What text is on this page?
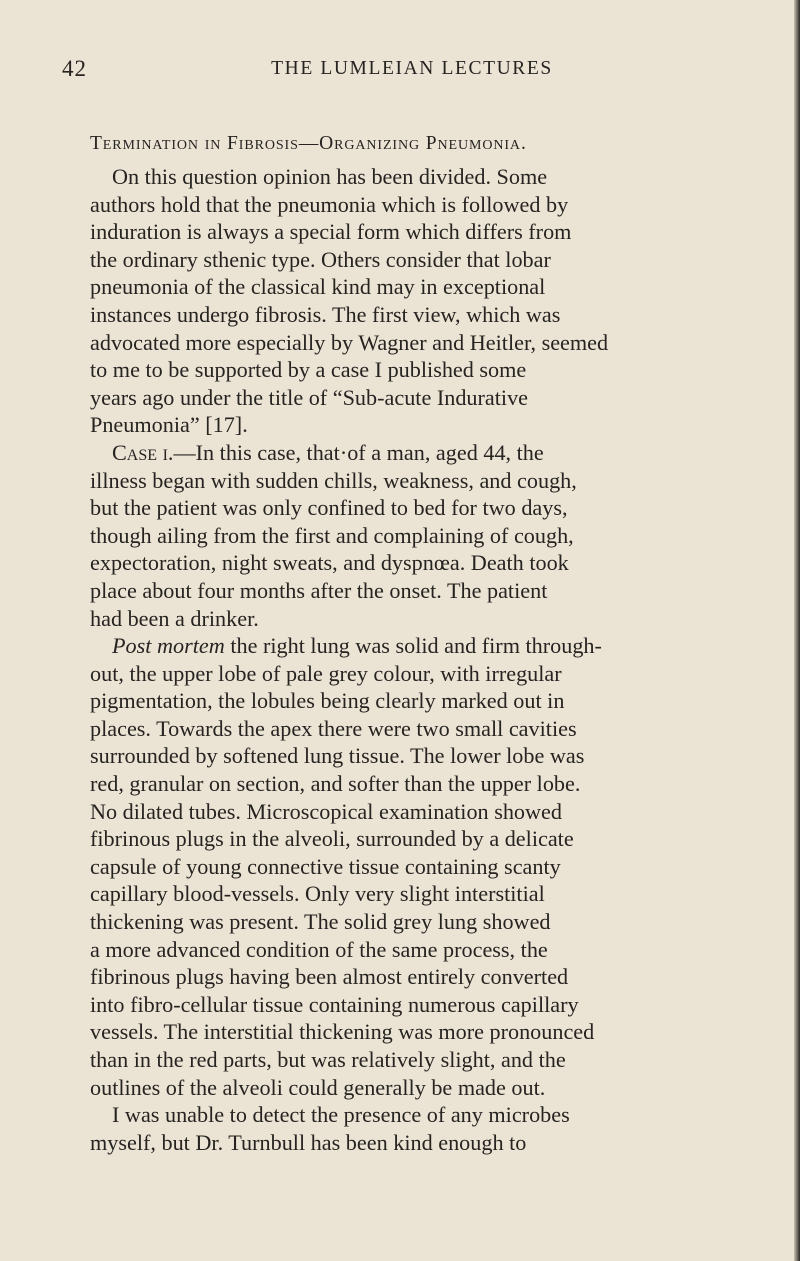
42	THE LUMLEIAN LECTURES
Termination in Fibrosis—Organizing Pneumonia.
On this question opinion has been divided. Some
authors hold that the pneumonia which is followed by
induration is always a special form which differs from
the ordinary sthenic type. Others consider that lobar
pneumonia of the classical kind may in exceptional
instances undergo fibrosis. The first view, which was
advocated more especially by Wagner and Heitler, seemed
to me to be supported by a case I published some
years ago under the title of “Sub-acute Indurative
Pneumonia” [17].
Case i.—In this case, that·of a man, aged 44, the
illness began with sudden chills, weakness, and cough,
but the patient was only confined to bed for two days,
though ailing from the first and complaining of cough,
expectoration, night sweats, and dyspnœa. Death took
place about four months after the onset. The patient
had been a drinker.
Post mortem the right lung was solid and firm through-
out, the upper lobe of pale grey colour, with irregular
pigmentation, the lobules being clearly marked out in
places. Towards the apex there were two small cavities
surrounded by softened lung tissue. The lower lobe was
red, granular on section, and softer than the upper lobe.
No dilated tubes. Microscopical examination showed
fibrinous plugs in the alveoli, surrounded by a delicate
capsule of young connective tissue containing scanty
capillary blood-vessels. Only very slight interstitial
thickening was present. The solid grey lung showed
a more advanced condition of the same process, the
fibrinous plugs having been almost entirely converted
into fibro-cellular tissue containing numerous capillary
vessels. The interstitial thickening was more pronounced
than in the red parts, but was relatively slight, and the
outlines of the alveoli could generally be made out.
I was unable to detect the presence of any microbes
myself, but Dr. Turnbull has been kind enough to
